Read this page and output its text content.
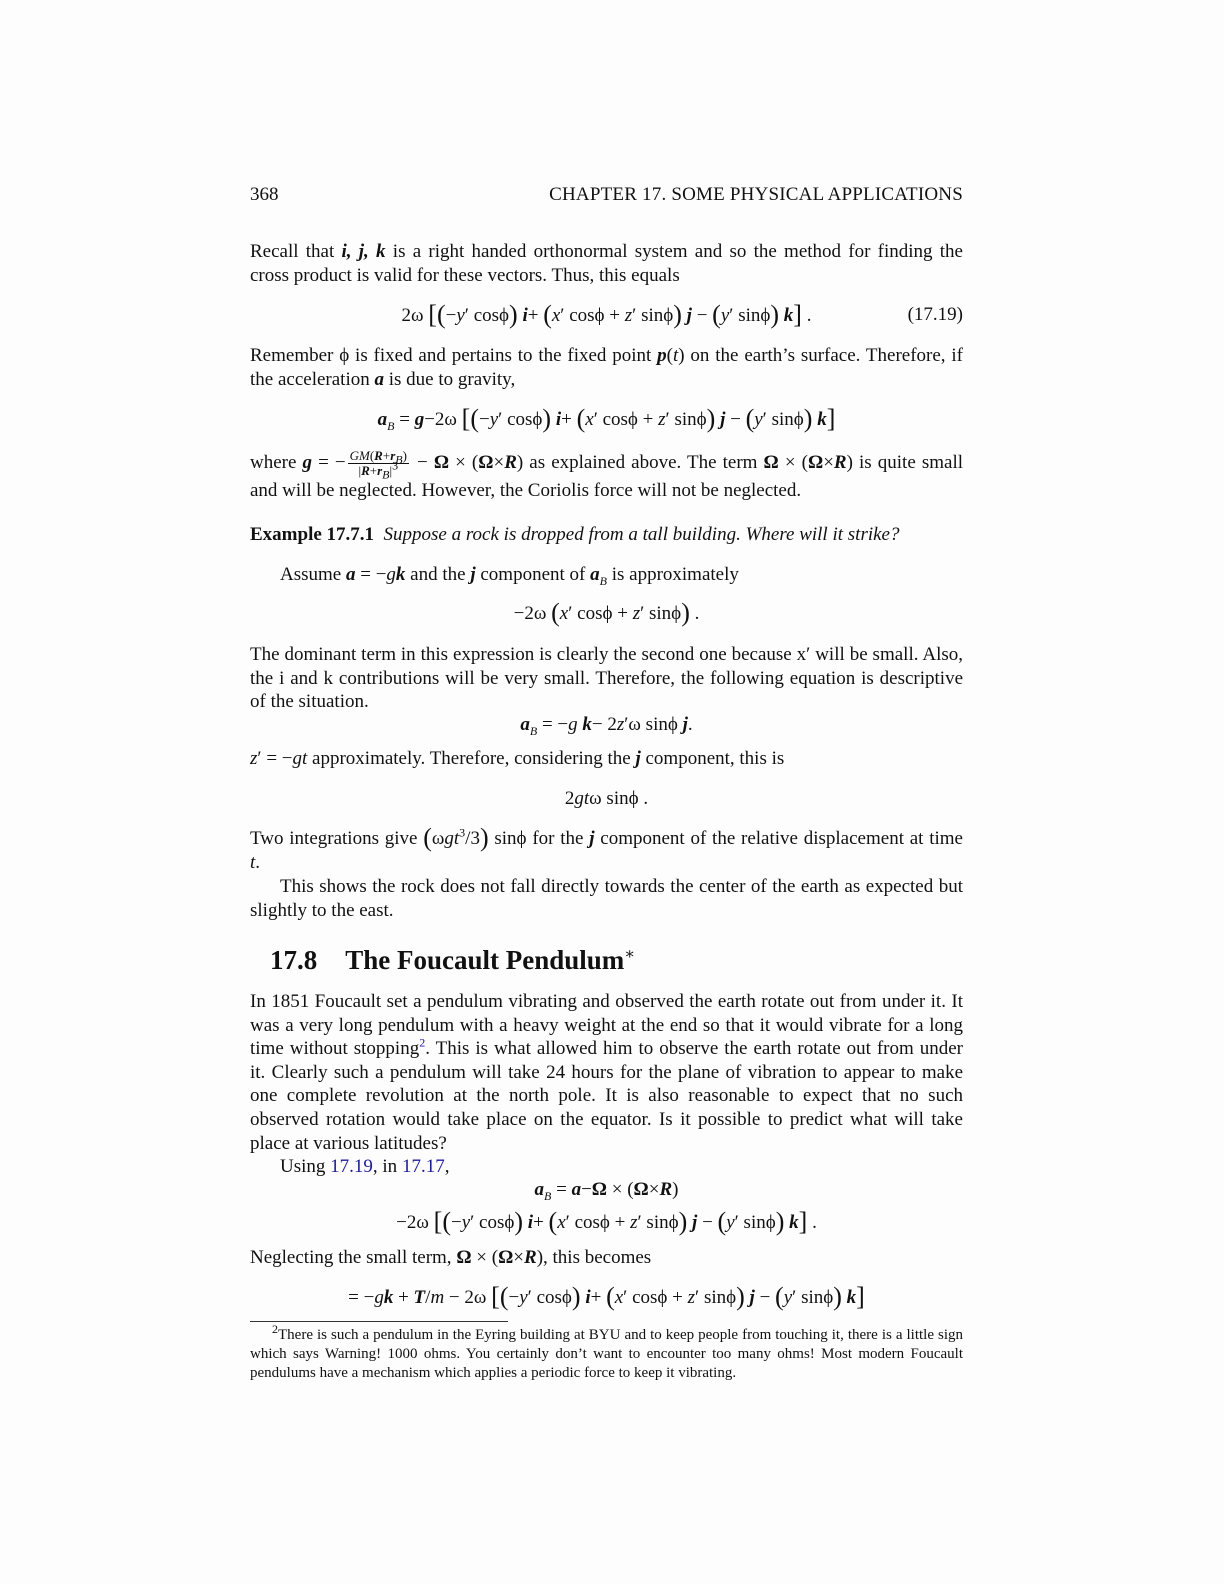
368	CHAPTER 17. SOME PHYSICAL APPLICATIONS

Recall that i, j, k is a right handed orthonormal system and so the method for finding the cross product is valid for these vectors. Thus, this equals

2ω [(−y′ cosϕ) i+ (x′ cosϕ + z′ sinϕ) j − (y′ sinϕ) k] .	(17.19)

Remember ϕ is fixed and pertains to the fixed point p(t) on the earth’s surface. Therefore, if the acceleration a is due to gravity,

$a_B = g-2\omega$ [(−y′ cosϕ) i+ (x′ cosϕ + z′ sinϕ) j − (y′ sinϕ) k]

where g = − $\frac{GM(R+r_B)}{|R+r_B|^3} - \Omega \times (\Omega\times R)$ as explained above. The term Ω × (Ω×R) is quite small and will be neglected. However, the Coriolis force will not be neglected.

Example 17.7.1 Suppose a rock is dropped from a tall building. Where will it strike?

Assume a = −gk and the j component of $a_B$ is approximately

−2ω (x′ cosϕ + z′ sinϕ) .

The dominant term in this expression is clearly the second one because x′ will be small. Also, the i and k contributions will be very small. Therefore, the following equation is descriptive of the situation.

$a_B = -g$ k− 2z′ω sinϕ j.

z′ = −gt approximately. Therefore, considering the j component, this is

2gtω sinϕ .

Two integrations give (ωgt$^3$/3) sinϕ for the j component of the relative displacement at time t.

This shows the rock does not fall directly towards the center of the earth as expected but slightly to the east.

17.8 The Foucault Pendulum∗

In 1851 Foucault set a pendulum vibrating and observed the earth rotate out from under it. It was a very long pendulum with a heavy weight at the end so that it would vibrate for a long time without stopping$^2$. This is what allowed him to observe the earth rotate out from under it. Clearly such a pendulum will take 24 hours for the plane of vibration to appear to make one complete revolution at the north pole. It is also reasonable to expect that no such observed rotation would take place on the equator. Is it possible to predict what will take place at various latitudes?

Using 17.19, in 17.17,

$a_B = a-\Omega \times (\Omega\times R)$
−2ω [(−y′ cosϕ) i+ (x′ cosϕ + z′ sinϕ) j − (y′ sinϕ) k] .

Neglecting the small term, Ω × (Ω×R), this becomes

= −gk + T/m − 2ω [(−y′ cosϕ) i+ (x′ cosϕ + z′ sinϕ) j − (y′ sinϕ) k]
$^2$There is such a pendulum in the Eyring building at BYU and to keep people from touching it, there is a little sign which says Warning! 1000 ohms. You certainly don’t want to encounter too many ohms! Most modern Foucault pendulums have a mechanism which applies a periodic force to keep it vibrating.
